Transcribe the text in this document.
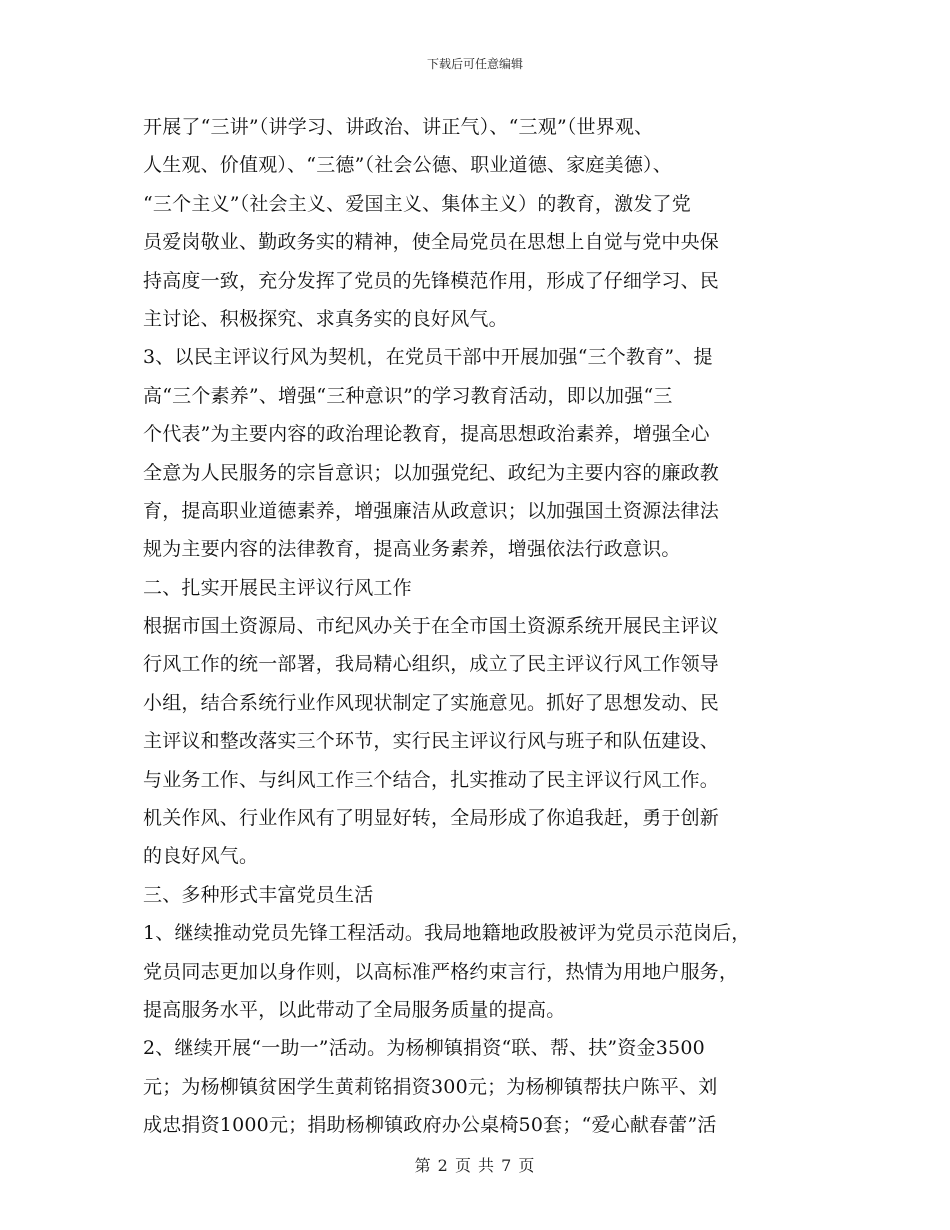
下载后可任意编辑
开展了“三讲”（讲学习、讲政治、讲正气）、“三观”（世界观、
人生观、价值观）、“三德”（社会公德、职业道德、家庭美德）、
“三个主义”（社会主义、爱国主义、集体主义）的教育，激发了党
员爱岗敬业、勤政务实的精神，使全局党员在思想上自觉与党中央保
持高度一致，充分发挥了党员的先锋模范作用，形成了仔细学习、民
主讨论、积极探究、求真务实的良好风气。
3、以民主评议行风为契机，在党员干部中开展加强“三个教育”、提
高“三个素养”、增强“三种意识”的学习教育活动，即以加强“三
个代表”为主要内容的政治理论教育，提高思想政治素养，增强全心
全意为人民服务的宗旨意识；以加强党纪、政纪为主要内容的廉政教
育，提高职业道德素养，增强廉洁从政意识；以加强国土资源法律法
规为主要内容的法律教育，提高业务素养，增强依法行政意识。
二、扎实开展民主评议行风工作
根据市国土资源局、市纪风办关于在全市国土资源系统开展民主评议
行风工作的统一部署，我局精心组织，成立了民主评议行风工作领导
小组，结合系统行业作风现状制定了实施意见。抓好了思想发动、民
主评议和整改落实三个环节，实行民主评议行风与班子和队伍建设、
与业务工作、与纠风工作三个结合，扎实推动了民主评议行风工作。
机关作风、行业作风有了明显好转，全局形成了你追我赶，勇于创新
的良好风气。
三、多种形式丰富党员生活
1、继续推动党员先锋工程活动。我局地籍地政股被评为党员示范岗后，
党员同志更加以身作则，以高标准严格约束言行，热情为用地户服务，
提高服务水平，以此带动了全局服务质量的提高。
2、继续开展“一助一”活动。为杨柳镇捐资“联、帮、扶”资金3500
元；为杨柳镇贫困学生黄莉铭捐资300元；为杨柳镇帮扶户陈平、刘
成忠捐资1000元；捐助杨柳镇政府办公桌椅50套；“爱心献春蕾”活
第 2 页 共 7 页
